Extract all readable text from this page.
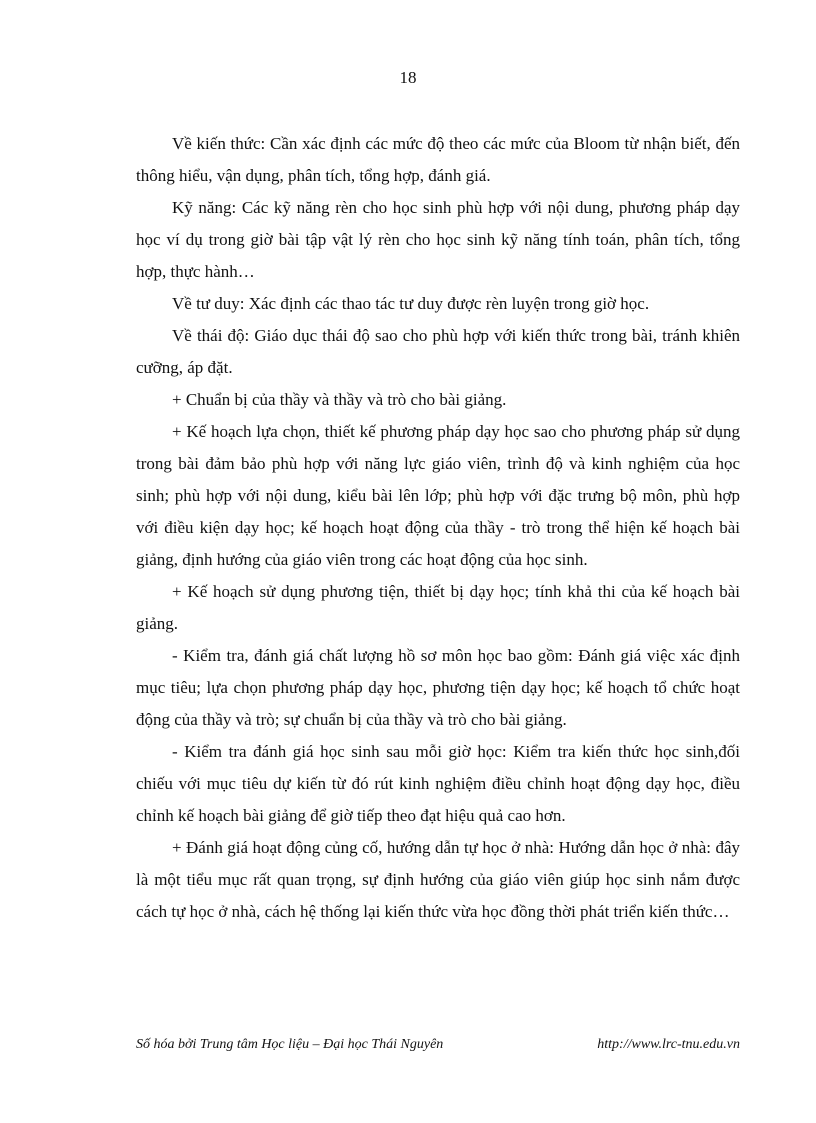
18

Về kiến thức: Cần xác định các mức độ theo các mức của Bloom từ nhận biết, đến thông hiểu, vận dụng, phân tích, tổng hợp, đánh giá.

Kỹ năng: Các kỹ năng rèn cho học sinh phù hợp với nội dung, phương pháp dạy học ví dụ trong giờ bài tập vật lý rèn cho học sinh kỹ năng tính toán, phân tích, tổng hợp, thực hành…

Về tư duy: Xác định các thao tác tư duy được rèn luyện trong giờ học.

Về thái độ: Giáo dục thái độ sao cho phù hợp với kiến thức trong bài, tránh khiên cưỡng, áp đặt.

+ Chuẩn bị của thầy và thầy và trò cho bài giảng.

+ Kế hoạch lựa chọn, thiết kế phương pháp dạy học sao cho phương pháp sử dụng trong bài đảm bảo phù hợp với năng lực giáo viên, trình độ và kinh nghiệm của học sinh; phù hợp với nội dung, kiểu bài lên lớp; phù hợp với đặc trưng bộ môn, phù hợp với điều kiện dạy học; kế hoạch hoạt động của thầy - trò trong thể hiện kế hoạch bài giảng, định hướng của giáo viên trong các hoạt động của học sinh.

+ Kế hoạch sử dụng phương tiện, thiết bị dạy học; tính khả thi của kế hoạch bài giảng.

- Kiểm tra, đánh giá chất lượng hồ sơ môn học bao gồm: Đánh giá việc xác định mục tiêu; lựa chọn phương pháp dạy học, phương tiện dạy học; kế hoạch tổ chức hoạt động của thầy và trò; sự chuẩn bị của thầy và trò cho bài giảng.

- Kiểm tra đánh giá học sinh sau mỗi giờ học: Kiểm tra kiến thức học sinh,đối chiếu với mục tiêu dự kiến từ đó rút kinh nghiệm điều chỉnh hoạt động dạy học, điều chỉnh kế hoạch bài giảng để giờ tiếp theo đạt hiệu quả cao hơn.

+ Đánh giá hoạt động củng cố, hướng dẫn tự học ở nhà: Hướng dẫn học ở nhà: đây là một tiểu mục rất quan trọng, sự định hướng của giáo viên giúp học sinh nắm được cách tự học ở nhà, cách hệ thống lại kiến thức vừa học đồng thời phát triển kiến thức…

Số hóa bởi Trung tâm Học liệu – Đại học Thái Nguyên	http://www.lrc-tnu.edu.vn
